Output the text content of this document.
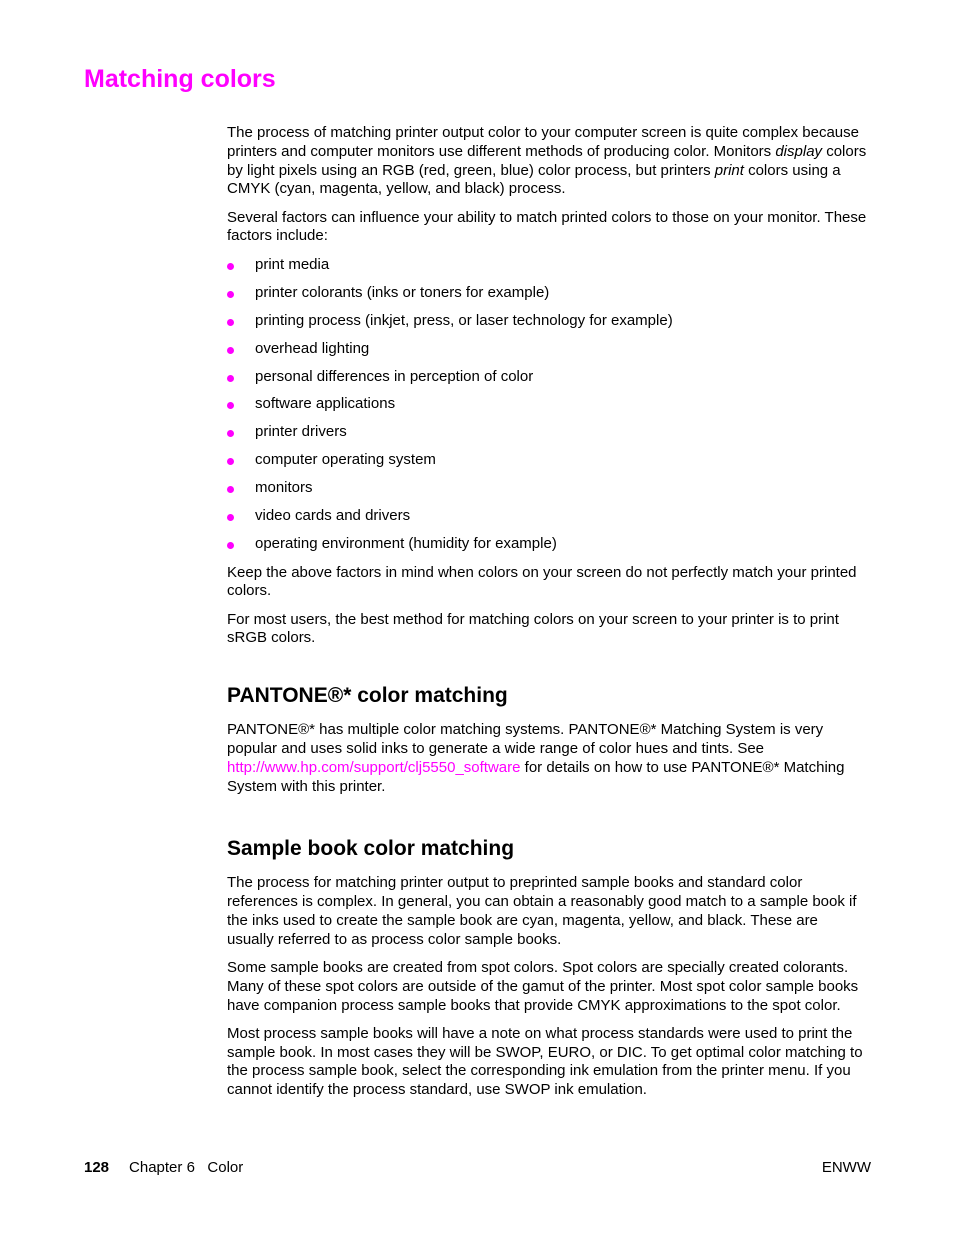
Matching colors

The process of matching printer output color to your computer screen is quite complex because printers and computer monitors use different methods of producing color. Monitors display colors by light pixels using an RGB (red, green, blue) color process, but printers print colors using a CMYK (cyan, magenta, yellow, and black) process.

Several factors can influence your ability to match printed colors to those on your monitor. These factors include:

print media
printer colorants (inks or toners for example)
printing process (inkjet, press, or laser technology for example)
overhead lighting
personal differences in perception of color
software applications
printer drivers
computer operating system
monitors
video cards and drivers
operating environment (humidity for example)

Keep the above factors in mind when colors on your screen do not perfectly match your printed colors.

For most users, the best method for matching colors on your screen to your printer is to print sRGB colors.

PANTONE®* color matching

PANTONE®* has multiple color matching systems. PANTONE®* Matching System is very popular and uses solid inks to generate a wide range of color hues and tints. See http://www.hp.com/support/clj5550_software for details on how to use PANTONE®* Matching System with this printer.

Sample book color matching

The process for matching printer output to preprinted sample books and standard color references is complex. In general, you can obtain a reasonably good match to a sample book if the inks used to create the sample book are cyan, magenta, yellow, and black. These are usually referred to as process color sample books.

Some sample books are created from spot colors. Spot colors are specially created colorants. Many of these spot colors are outside of the gamut of the printer. Most spot color sample books have companion process sample books that provide CMYK approximations to the spot color.

Most process sample books will have a note on what process standards were used to print the sample book. In most cases they will be SWOP, EURO, or DIC. To get optimal color matching to the process sample book, select the corresponding ink emulation from the printer menu. If you cannot identify the process standard, use SWOP ink emulation.

128 Chapter 6   Color	ENWW
